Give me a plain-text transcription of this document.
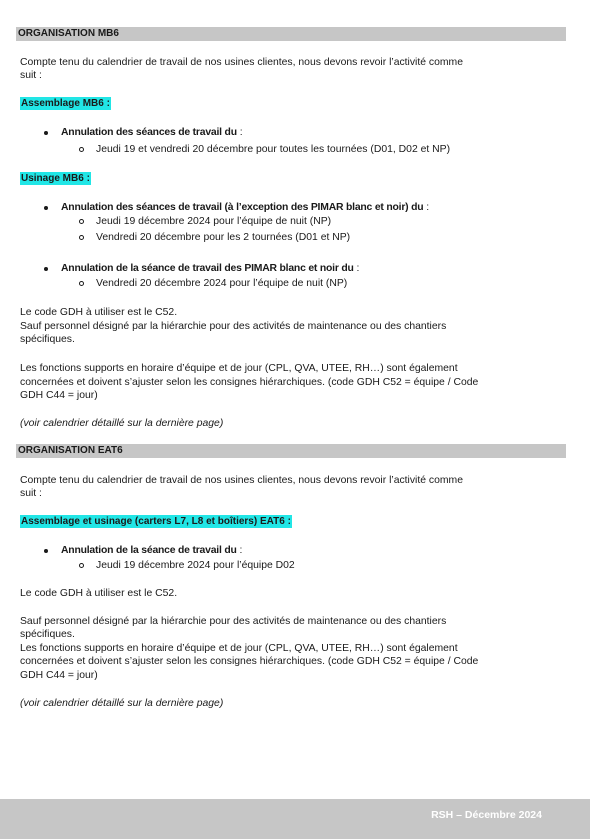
ORGANISATION MB6
Compte tenu du calendrier de travail de nos usines clientes, nous devons revoir l’activité comme
suit :
Assemblage MB6 :
Annulation des séances de travail du :
Jeudi 19 et vendredi 20 décembre pour toutes les tournées (D01, D02 et NP)
Usinage MB6 :
Annulation des séances de travail (à l’exception des PIMAR blanc et noir) du :
Jeudi 19 décembre 2024 pour l’équipe de nuit (NP)
Vendredi 20 décembre pour les 2 tournées (D01 et NP)
Annulation de la séance de travail des PIMAR blanc et noir du :
Vendredi 20 décembre 2024 pour l’équipe de nuit (NP)
Le code GDH à utiliser est le C52.
Sauf personnel désigné par la hiérarchie pour des activités de maintenance ou des chantiers
spécifiques.
Les fonctions supports en horaire d’équipe et de jour (CPL, QVA, UTEE, RH…) sont également
concernées et doivent s’ajuster selon les consignes hiérarchiques. (code GDH C52 = équipe / Code
GDH C44 = jour)
(voir calendrier détaillé sur la dernière page)
ORGANISATION EAT6
Compte tenu du calendrier de travail de nos usines clientes, nous devons revoir l’activité comme
suit :
Assemblage et usinage (carters L7, L8 et boîtiers) EAT6 :
Annulation de la séance de travail du :
Jeudi 19 décembre 2024 pour l’équipe D02
Le code GDH à utiliser est le C52.
Sauf personnel désigné par la hiérarchie pour des activités de maintenance ou des chantiers
spécifiques.
Les fonctions supports en horaire d’équipe et de jour (CPL, QVA, UTEE, RH…) sont également
concernées et doivent s’ajuster selon les consignes hiérarchiques. (code GDH C52 = équipe / Code
GDH C44 = jour)
(voir calendrier détaillé sur la dernière page)
RSH – Décembre 2024
